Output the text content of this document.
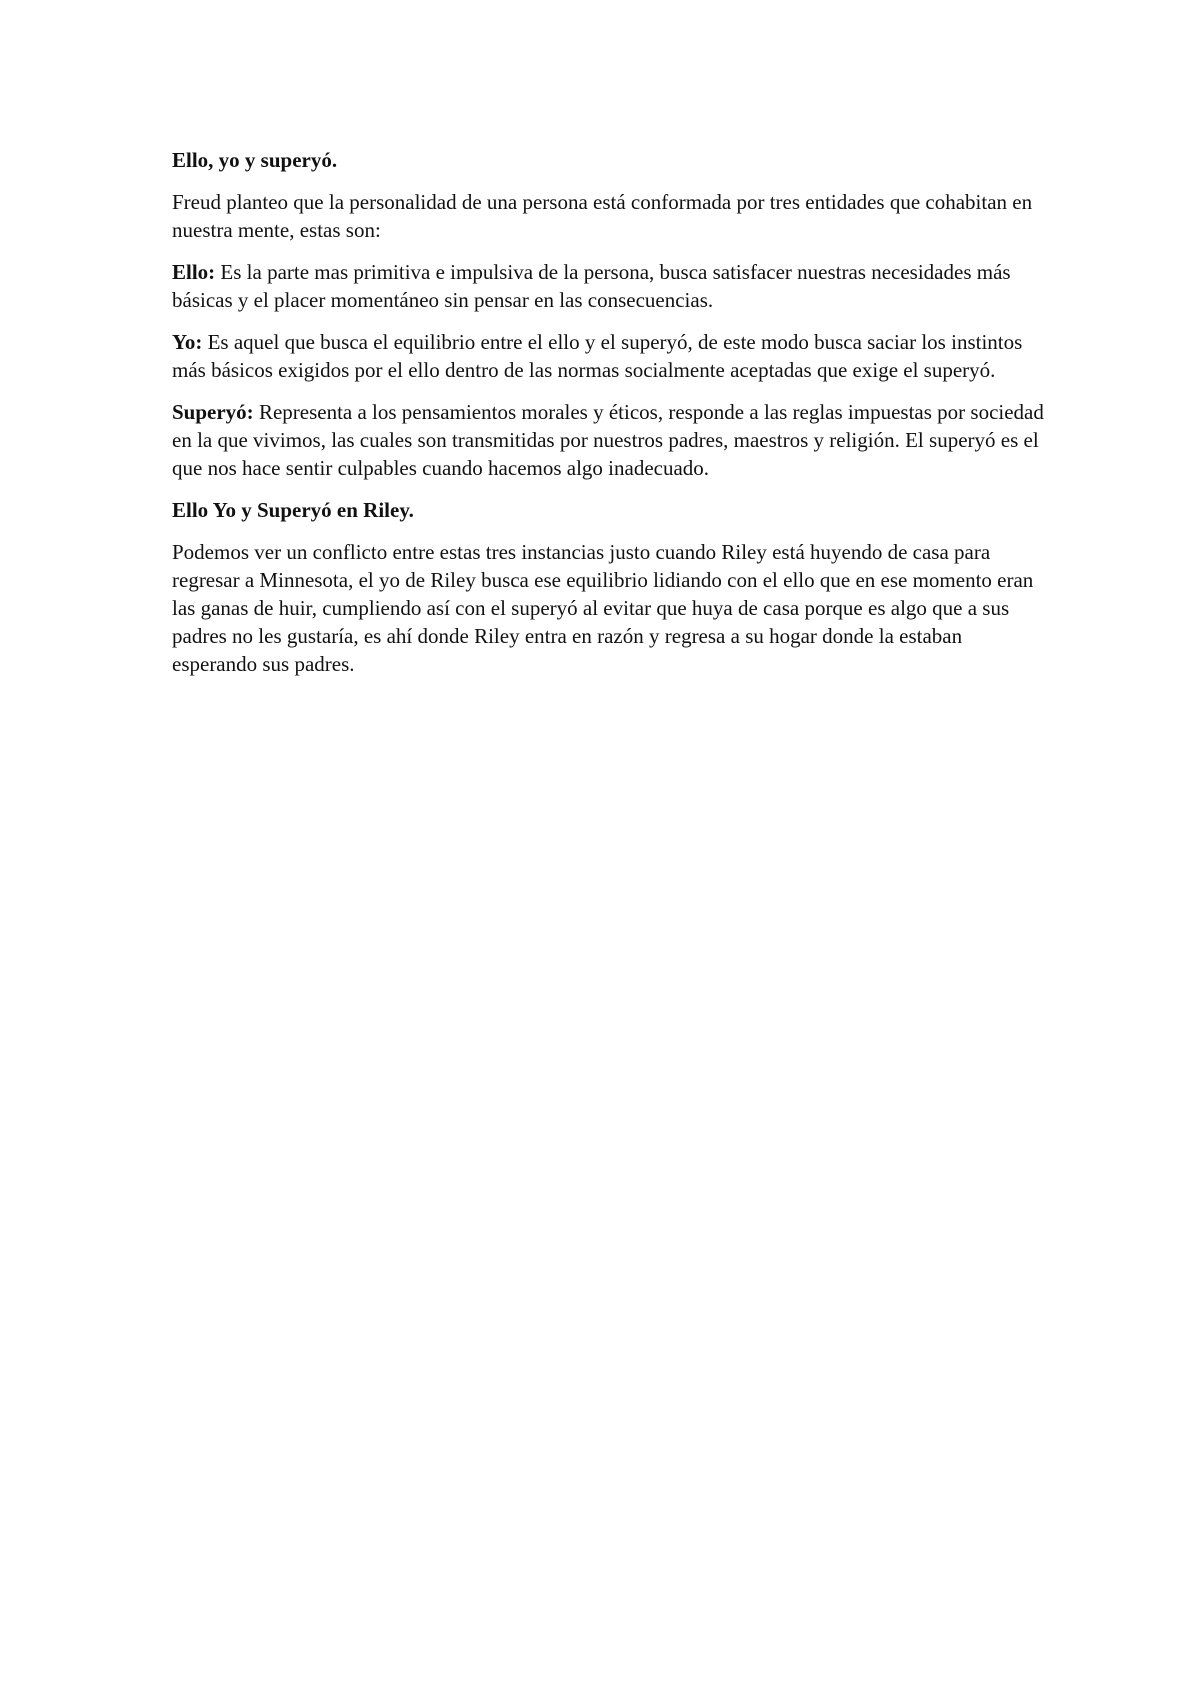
Ello, yo y superyó.

Freud planteo que la personalidad de una persona está conformada por tres entidades que cohabitan en nuestra mente, estas son:

Ello: Es la parte mas primitiva e impulsiva de la persona, busca satisfacer nuestras necesidades más básicas y el placer momentáneo sin pensar en las consecuencias.

Yo: Es aquel que busca el equilibrio entre el ello y el superyó, de este modo busca saciar los instintos más básicos exigidos por el ello dentro de las normas socialmente aceptadas que exige el superyó.

Superyó: Representa a los pensamientos morales y éticos, responde a las reglas impuestas por sociedad en la que vivimos, las cuales son transmitidas por nuestros padres, maestros y religión. El superyó es el que nos hace sentir culpables cuando hacemos algo inadecuado.

Ello Yo y Superyó en Riley.

Podemos ver un conflicto entre estas tres instancias justo cuando Riley está huyendo de casa para regresar a Minnesota, el yo de Riley busca ese equilibrio lidiando con el ello que en ese momento eran las ganas de huir, cumpliendo así con el superyó al evitar que huya de casa porque es algo que a sus padres no les gustaría, es ahí donde Riley entra en razón y regresa a su hogar donde la estaban esperando sus padres.
